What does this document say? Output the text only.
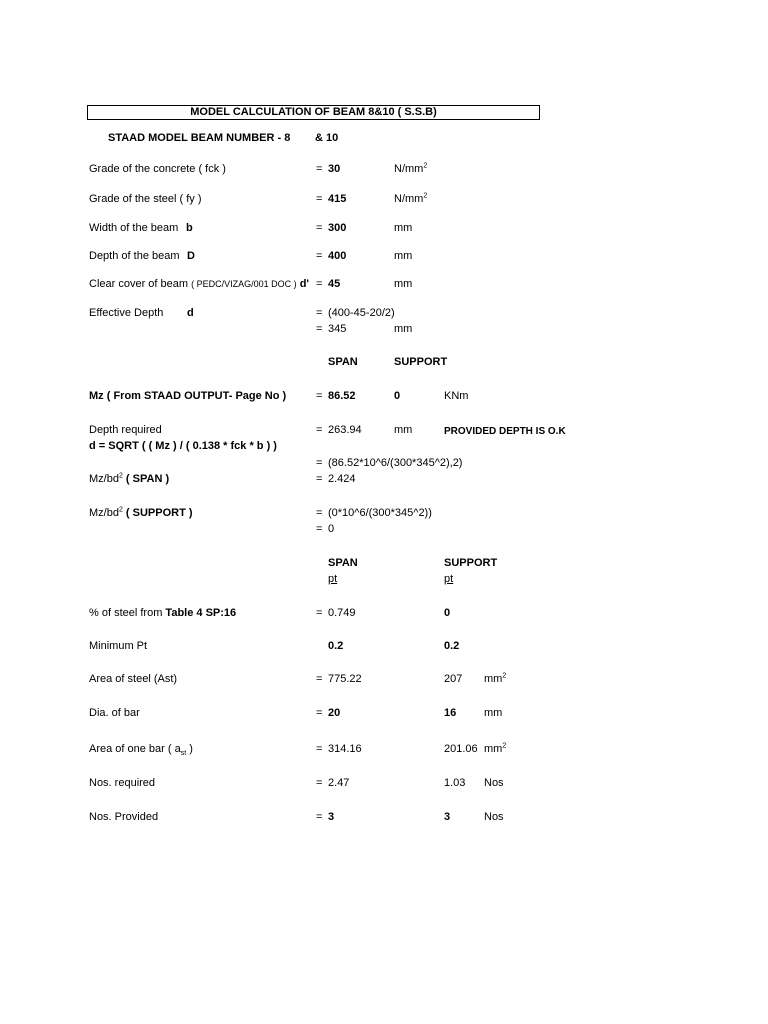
MODEL CALCULATION OF BEAM 8&10 ( S.S.B)
STAAD MODEL BEAM NUMBER - 8 & 10
Grade of the concrete ( fck )	= 30	$N/mm^2$
Grade of the steel ( fy )	= 415	$N/mm^2$
Width of the beam b	= 300	mm
Depth of the beam D	= 400	mm
Clear cover of beam ( PEDC/VIZAG/001 DOC ) d' = 45	mm
Effective Depth d	= (400-45-20/2)
= 345	mm
SPAN	SUPPORT
Mz ( From STAAD OUTPUT- Page No )	= 86.52	0	KNm
Depth required
d = SQRT ( ( Mz ) / ( 0.138 * fck * b ) )
= 263.94	mm	PROVIDED DEPTH IS O.K
= (86.52*10^6/(300*345^2),2)
$Mz/bd^2$ ( SPAN )	= 2.424
$Mz/bd^2$ ( SUPPORT )	= (0*10^6/(300*345^2))
= 0
SPAN	SUPPORT
pt	pt
% of steel from Table 4 SP:16	= 0.749	0
Minimum Pt	0.2	0.2
Area of steel (Ast)	= 775.22	207 $mm^2$
Dia. of bar	= 20	16	mm
Area of one bar ( $a_{st}$ )	= 314.16	201.06 $mm^2$
Nos. required	= 2.47	1.03 Nos
Nos. Provided	= 3	3	Nos
